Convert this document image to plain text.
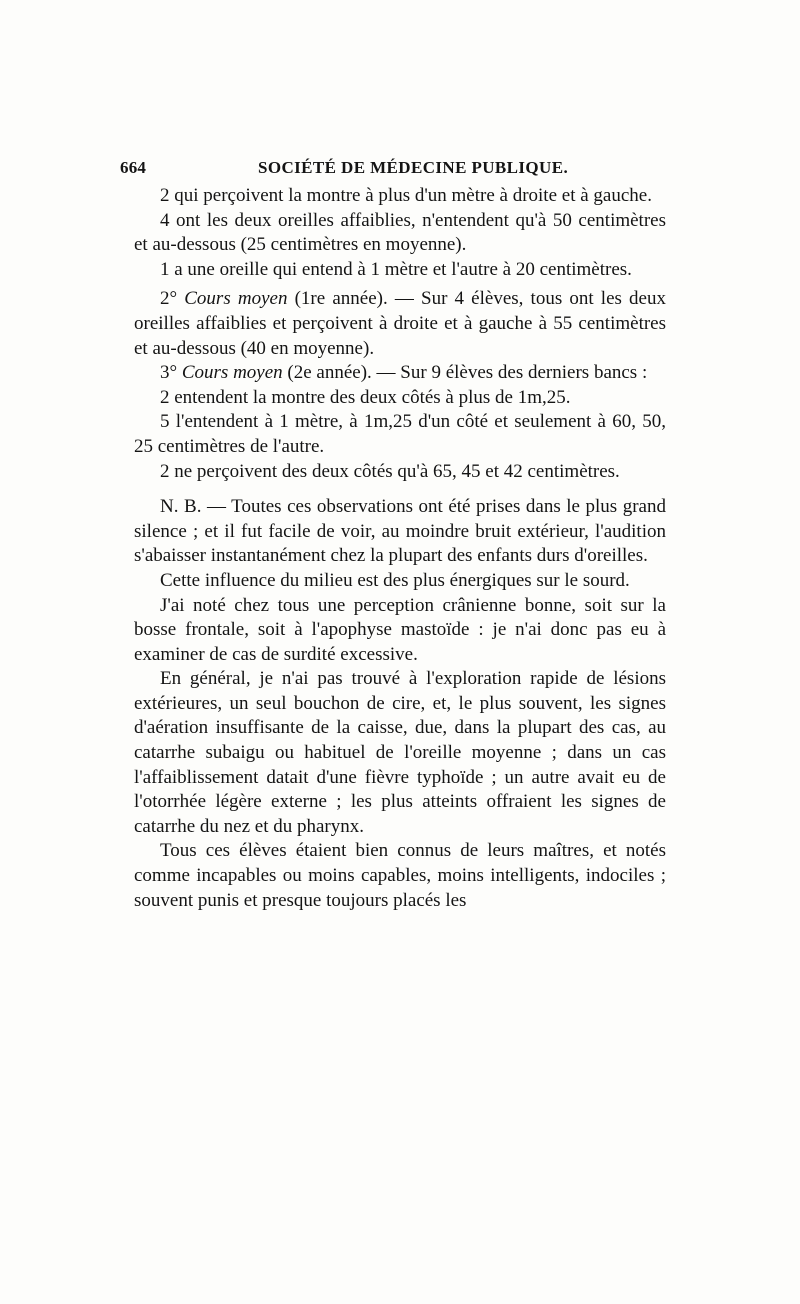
664	SOCIÉTÉ DE MÉDECINE PUBLIQUE.

2 qui perçoivent la montre à plus d'un mètre à droite et à gauche.

4 ont les deux oreilles affaiblies, n'entendent qu'à 50 centimètres et au-dessous (25 centimètres en moyenne).

1 a une oreille qui entend à 1 mètre et l'autre à 20 centimètres.

2° Cours moyen (1re année). — Sur 4 élèves, tous ont les deux oreilles affaiblies et perçoivent à droite et à gauche à 55 centimètres et au-dessous (40 en moyenne).

3° Cours moyen (2e année). — Sur 9 élèves des derniers bancs :

2 entendent la montre des deux côtés à plus de 1m,25.

5 l'entendent à 1 mètre, à 1m,25 d'un côté et seulement à 60, 50, 25 centimètres de l'autre.

2 ne perçoivent des deux côtés qu'à 65, 45 et 42 centimètres.

N. B. — Toutes ces observations ont été prises dans le plus grand silence ; et il fut facile de voir, au moindre bruit extérieur, l'audition s'abaisser instantanément chez la plupart des enfants durs d'oreilles.

Cette influence du milieu est des plus énergiques sur le sourd.

J'ai noté chez tous une perception crânienne bonne, soit sur la bosse frontale, soit à l'apophyse mastoïde : je n'ai donc pas eu à examiner de cas de surdité excessive.

En général, je n'ai pas trouvé à l'exploration rapide de lésions extérieures, un seul bouchon de cire, et, le plus souvent, les signes d'aération insuffisante de la caisse, due, dans la plupart des cas, au catarrhe subaigu ou habituel de l'oreille moyenne ; dans un cas l'affaiblissement datait d'une fièvre typhoïde ; un autre avait eu de l'otorrhée légère externe ; les plus atteints offraient les signes de catarrhe du nez et du pharynx.

Tous ces élèves étaient bien connus de leurs maîtres, et notés comme incapables ou moins capables, moins intelligents, indociles ; souvent punis et presque toujours placés les
